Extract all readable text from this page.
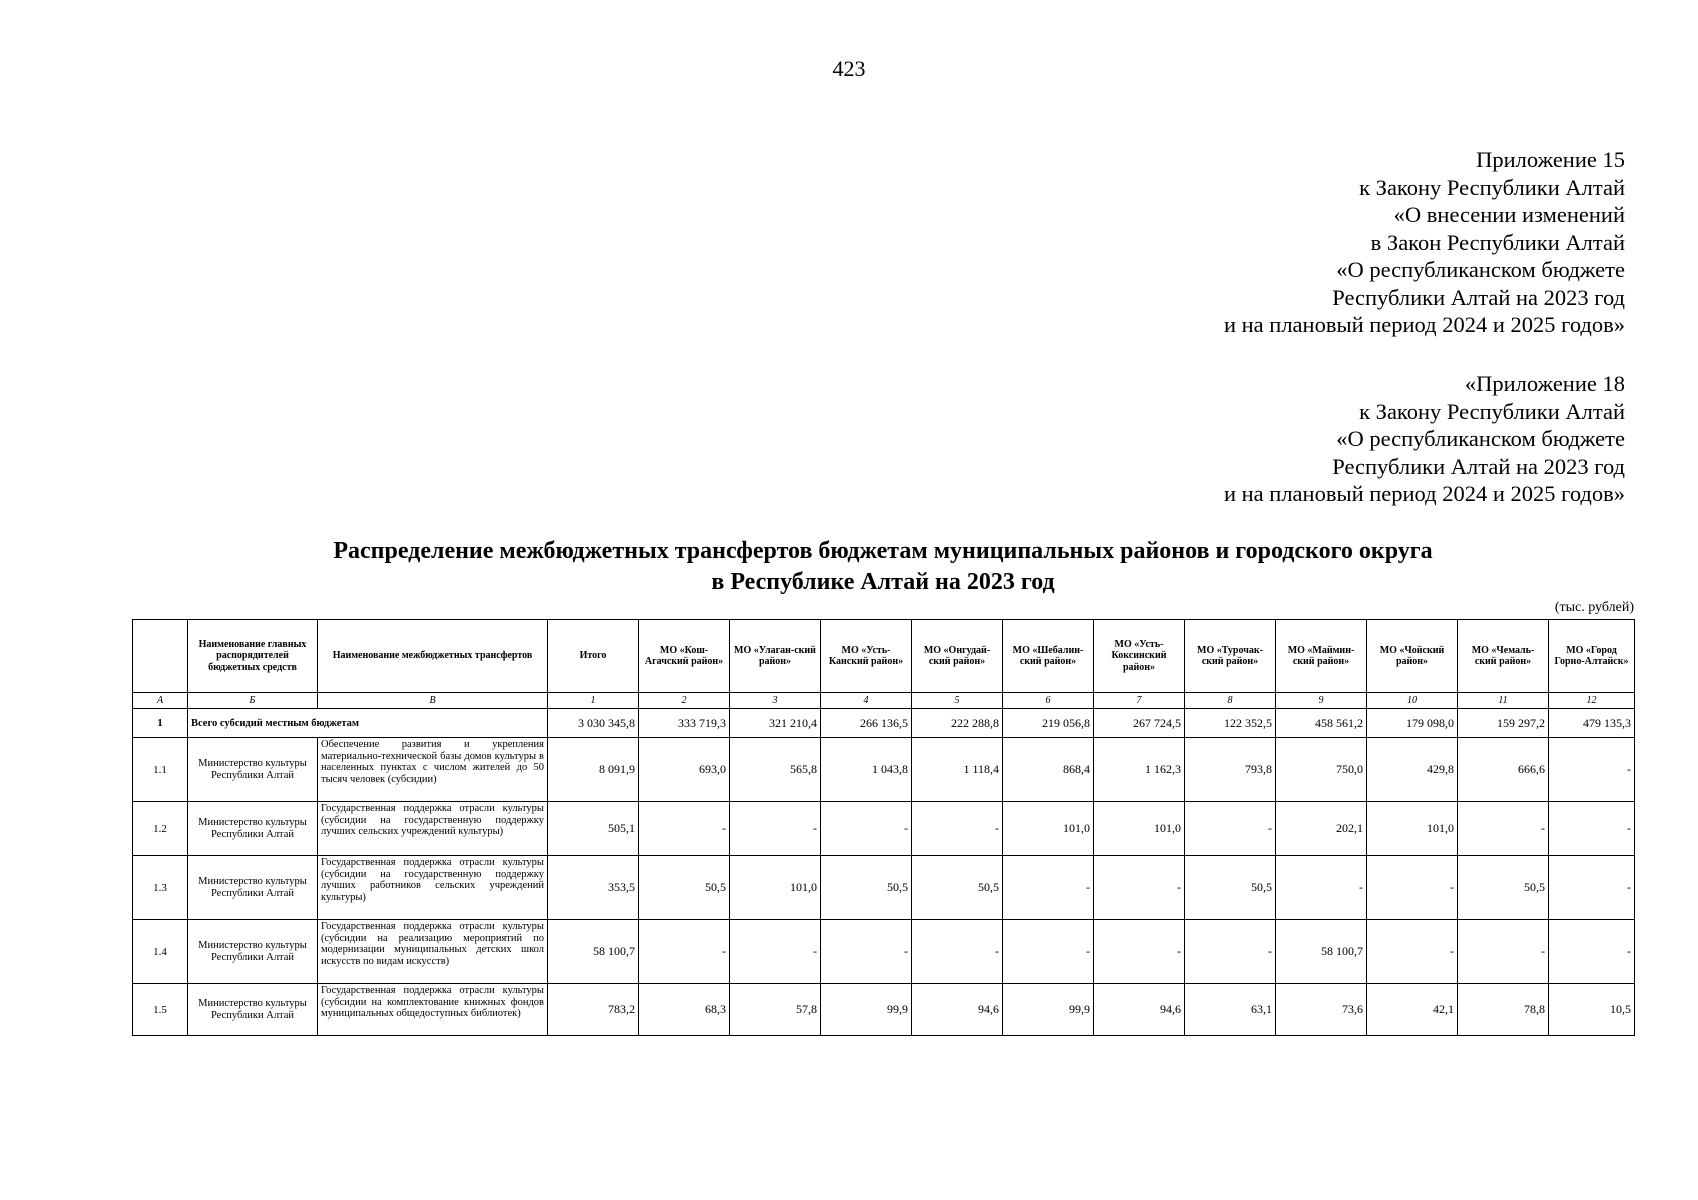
423
Приложение 15
к Закону Республики Алтай
«О внесении изменений
в Закон Республики Алтай
«О республиканском бюджете
Республики Алтай на 2023 год
и на плановый период 2024 и 2025 годов»
«Приложение 18
к Закону Республики Алтай
«О республиканском бюджете
Республики Алтай на 2023 год
и на плановый период 2024 и 2025 годов»
Распределение межбюджетных трансфертов бюджетам муниципальных районов и городского округа
в Республике Алтай на 2023 год
(тыс. рублей)
	Наименование главных распорядителей бюджетных средств	Наименование межбюджетных трансфертов	Итого	МО «Кош-Агачский район»	МО «Улаган-ский район»	МО «Усть-Канский район»	МО «Онгудай-ский район»	МО «Шебалин-ский район»	МО «Усть-Коксинский район»	МО «Турочак-ский район»	МО «Маймин-ский район»	МО «Чойский район»	МО «Чемаль-ский район»	МО «Город Горно-Алтайск»
А	Б	В	1	2	3	4	5	6	7	8	9	10	11	12
1	Всего субсидий местным бюджетам		3 030 345,8	333 719,3	321 210,4	266 136,5	222 288,8	219 056,8	267 724,5	122 352,5	458 561,2	179 098,0	159 297,2	479 135,3
1.1	Министерство культуры Республики Алтай	Обеспечение развития и укрепления материально-технической базы домов культуры в населенных пунктах с числом жителей до 50 тысяч человек (субсидии)	8 091,9	693,0	565,8	1 043,8	1 118,4	868,4	1 162,3	793,8	750,0	429,8	666,6	-
1.2	Министерство культуры Республики Алтай	Государственная поддержка отрасли культуры (субсидии на государственную поддержку лучших сельских учреждений культуры)	505,1	-	-	-	-	101,0	101,0	-	202,1	101,0	-	-
1.3	Министерство культуры Республики Алтай	Государственная поддержка отрасли культуры (субсидии на государственную поддержку лучших работников сельских учреждений культуры)	353,5	50,5	101,0	50,5	50,5	-	-	50,5	-	-	50,5	-
1.4	Министерство культуры Республики Алтай	Государственная поддержка отрасли культуры (субсидии на реализацию мероприятий по модернизации муниципальных детских школ искусств по видам искусств)	58 100,7	-	-	-	-	-	-	-	58 100,7	-	-	-
1.5	Министерство культуры Республики Алтай	Государственная поддержка отрасли культуры (субсидии на комплектование книжных фондов муниципальных общедоступных библиотек)	783,2	68,3	57,8	99,9	94,6	99,9	94,6	63,1	73,6	42,1	78,8	10,5
